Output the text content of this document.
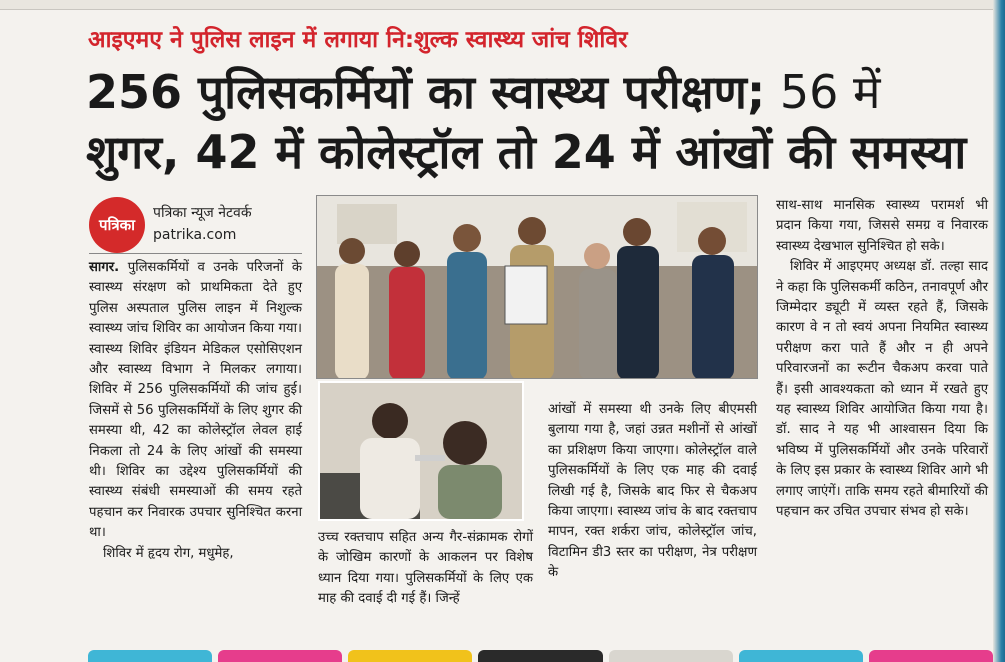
आइएमए ने पुलिस लाइन में लगाया नि:शुल्क स्वास्थ्य जांच शिविर
256 पुलिसकर्मियों का स्वास्थ्य परीक्षण; 56 में
शुगर, 42 में कोलेस्ट्रॉल तो 24 में आंखों की समस्या
पत्रिका
पत्रिका न्यूज नेटवर्क
patrika.com

सागर. पुलिसकर्मियों व उनके परिजनों के स्वास्थ्य संरक्षण को प्राथमिकता देते हुए पुलिस अस्पताल पुलिस लाइन में निशुल्क स्वास्थ्य जांच शिविर का आयोजन किया गया। स्वास्थ्य शिविर इंडियन मेडिकल एसोसिएशन और स्वास्थ्य विभाग ने मिलकर लगाया। शिविर में 256 पुलिसकर्मियों की जांच हुई। जिसमें से 56 पुलिसकर्मियों के लिए शुगर की समस्या थी, 42 का कोलेस्ट्रॉल लेवल हाई निकला तो 24 के लिए आंखों की समस्या थी। शिविर का उद्देश्य पुलिसकर्मियों की स्वास्थ्य संबंधी समस्याओं की समय रहते पहचान कर निवारक उपचार सुनिश्चित करना था।

शिविर में हृदय रोग, मधुमेह,

उच्च रक्तचाप सहित अन्य गैर-संक्रामक रोगों के जोखिम कारणों के आकलन पर विशेष ध्यान दिया गया। पुलिसकर्मियों के लिए एक माह की दवाई दी गई हैं। जिन्हें

आंखों में समस्या थी उनके लिए बीएमसी बुलाया गया है, जहां उन्नत मशीनों से आंखों का प्रशिक्षण किया जाएगा। कोलेस्ट्रॉल वाले पुलिसकर्मियों के लिए एक माह की दवाई लिखी गई है, जिसके बाद फिर से चैकअप किया जाएगा। स्वास्थ्य जांच के बाद रक्तचाप मापन, रक्त शर्करा जांच, कोलेस्ट्रॉल जांच, विटामिन डी3 स्तर का परीक्षण, नेत्र परीक्षण के

साथ-साथ मानसिक स्वास्थ्य परामर्श भी प्रदान किया गया, जिससे समग्र व निवारक स्वास्थ्य देखभाल सुनिश्चित हो सके।

शिविर में आइएमए अध्यक्ष डॉ. तल्हा साद ने कहा कि पुलिसकर्मी कठिन, तनावपूर्ण और जिम्मेदार ड्यूटी में व्यस्त रहते हैं, जिसके कारण वे न तो स्वयं अपना नियमित स्वास्थ्य परीक्षण करा पाते हैं और न ही अपने परिवारजनों का रूटीन चैकअप करवा पाते हैं। इसी आवश्यकता को ध्यान में रखते हुए यह स्वास्थ्य शिविर आयोजित किया गया है। डॉ. साद ने यह भी आश्वासन दिया कि भविष्य में पुलिसकर्मियों और उनके परिवारों के लिए इस प्रकार के स्वास्थ्य शिविर आगे भी लगाए जाएंगें। ताकि समय रहते बीमारियों की पहचान कर उचित उपचार संभव हो सके।
